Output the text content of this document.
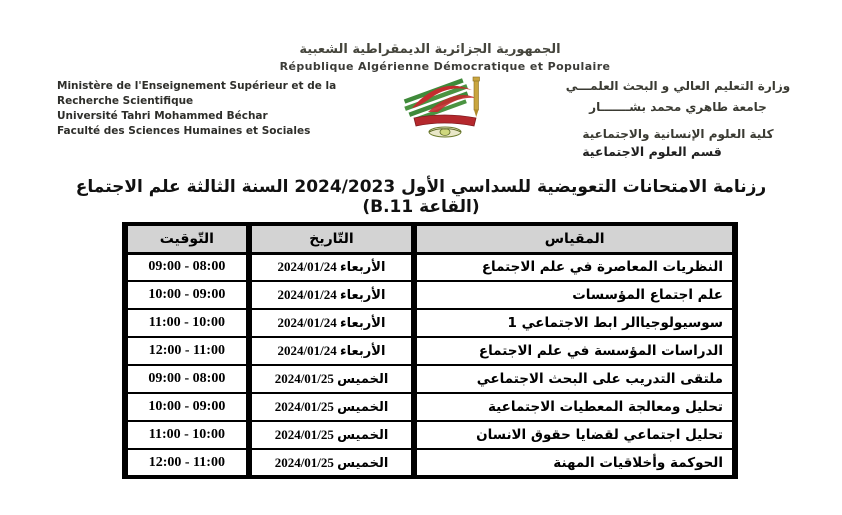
الجمهورية الجزائرية الديمقراطية الشعبية
République Algérienne Démocratique et Populaire
Ministère de l'Enseignement Supérieur et de la
Recherche Scientifique
Université Tahri Mohammed Béchar
Faculté des Sciences Humaines et Sociales
وزارة التعليم العالي و البحث العلمـــي
جامعة طاهري محمد بشـــــــار
كلية العلوم الإنسانية والاجتماعية
قسم العلوم الاجتماعية
رزنامة الامتحانات التعويضية للسداسي الأول 2024/2023 السنة الثالثة علم الاجتماع (القاعة B.11)
المقياس	التّاريخ	التّوقيت
النظريات المعاصرة في علم الاجتماع	الأربعاء 2024/01/24	09:00 - 08:00
علم اجتماع المؤسسات	الأربعاء 2024/01/24	10:00 - 09:00
سوسيولوجياالر ابط الاجتماعي 1	الأربعاء 2024/01/24	11:00 - 10:00
الدراسات المؤسسة في علم الاجتماع	الأربعاء 2024/01/24	12:00 - 11:00
ملتقى التدريب على البحث الاجتماعي	الخميس 2024/01/25	09:00 - 08:00
تحليل ومعالجة المعطيات الاجتماعية	الخميس 2024/01/25	10:00 - 09:00
تحليل اجتماعي لقضايا حقوق الانسان	الخميس 2024/01/25	11:00 - 10:00
الحوكمة وأخلاقيات المهنة	الخميس 2024/01/25	12:00 - 11:00
